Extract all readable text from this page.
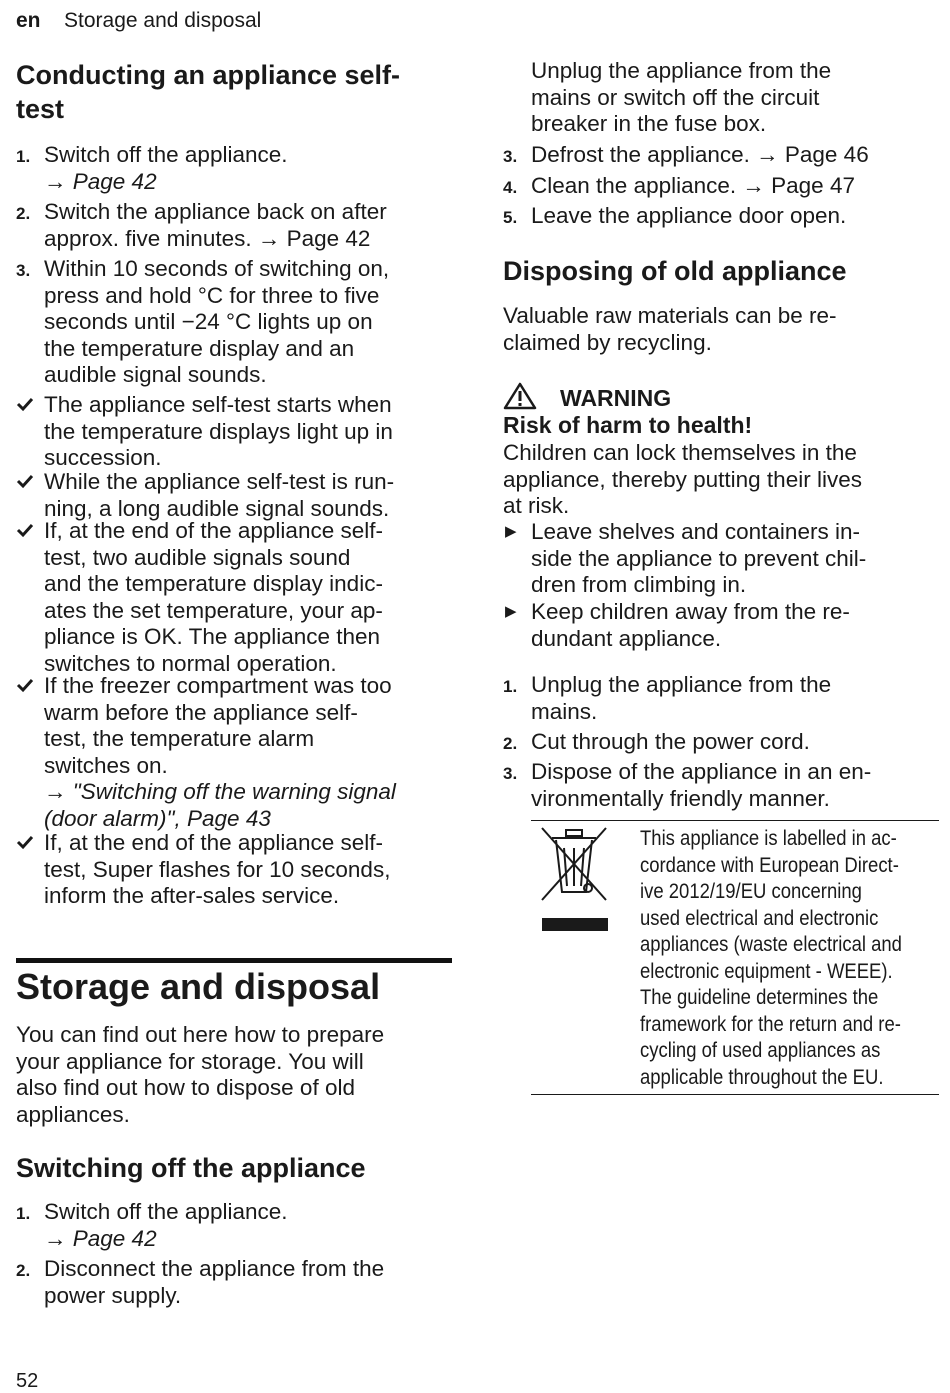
en Storage and disposal
Conducting an appliance self-
test
1. Switch off the appliance.
→ Page 42
2. Switch the appliance back on after
approx. five minutes. → Page 42
3. Within 10 seconds of switching on,
press and hold °C for three to five
seconds until −24 °C lights up on
the temperature display and an
audible signal sounds.
The appliance self-test starts when
the temperature displays light up in
succession.
While the appliance self-test is run-
ning, a long audible signal sounds.
If, at the end of the appliance self-
test, two audible signals sound
and the temperature display indic-
ates the set temperature, your ap-
pliance is OK. The appliance then
switches to normal operation.
If the freezer compartment was too
warm before the appliance self-
test, the temperature alarm
switches on.
→ "Switching off the warning signal
(door alarm)", Page 43
If, at the end of the appliance self-
test, Super flashes for 10 seconds,
inform the after-sales service.
Storage and disposal
You can find out here how to prepare
your appliance for storage. You will
also find out how to dispose of old
appliances.
Switching off the appliance
1. Switch off the appliance.
→ Page 42
2. Disconnect the appliance from the
power supply.
Unplug the appliance from the
mains or switch off the circuit
breaker in the fuse box.
3. Defrost the appliance. → Page 46
4. Clean the appliance. → Page 47
5. Leave the appliance door open.
Disposing of old appliance
Valuable raw materials can be re-
claimed by recycling.
WARNING
Risk of harm to health!
Children can lock themselves in the
appliance, thereby putting their lives
at risk.
▶ Leave shelves and containers in-
side the appliance to prevent chil-
dren from climbing in.
▶ Keep children away from the re-
dundant appliance.
1. Unplug the appliance from the
mains.
2. Cut through the power cord.
3. Dispose of the appliance in an en-
vironmentally friendly manner.
This appliance is labelled in ac-
cordance with European Direct-
ive 2012/19/EU concerning
used electrical and electronic
appliances (waste electrical and
electronic equipment - WEEE).
The guideline determines the
framework for the return and re-
cycling of used appliances as
applicable throughout the EU.
52
